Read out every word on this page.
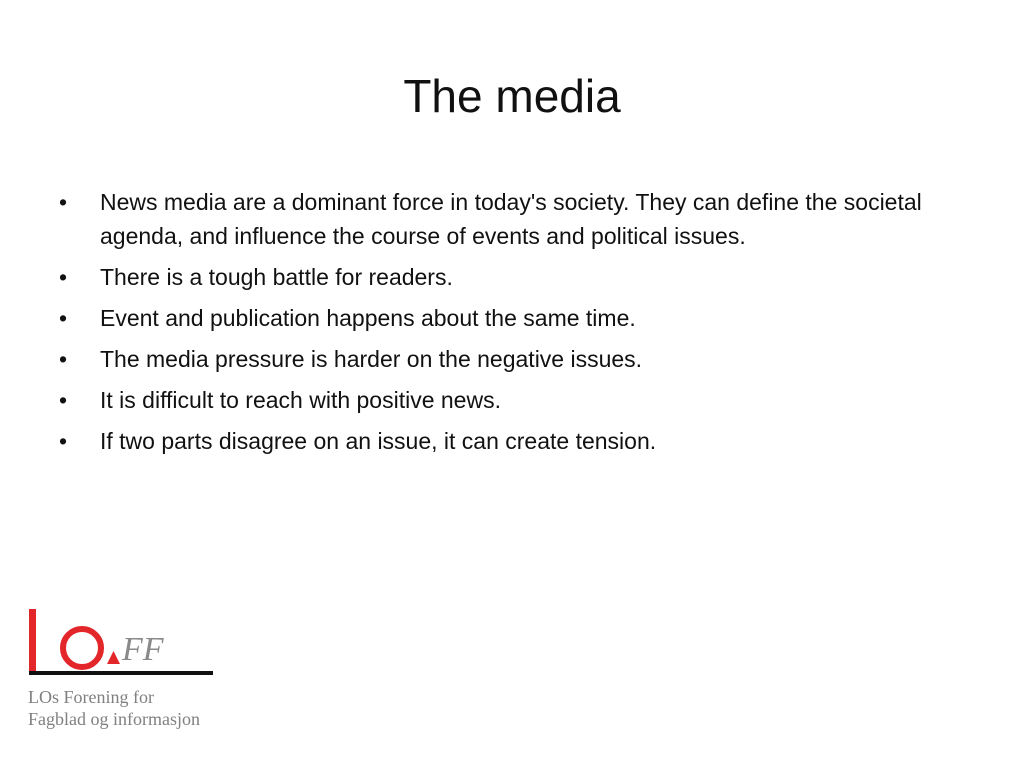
The media
• News media are a dominant force in today's society. They can define the societal agenda, and influence the course of events and political issues.
• There is a tough battle for readers.
• Event and publication happens about the same time.
• The media pressure is harder on the negative issues.
• It is difficult to reach with positive news.
• If two parts disagree on an issue, it can create tension.
FF
LOs Forening for
Fagblad og informasjon
